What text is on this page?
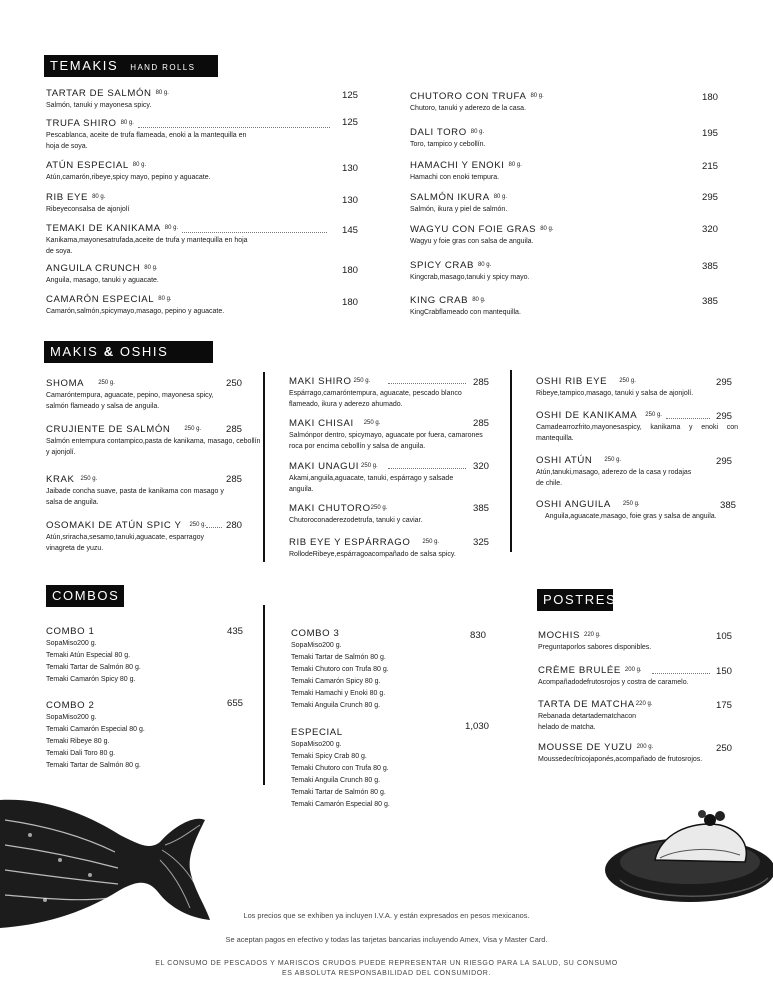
TEMAKIS HAND ROLLS
TARTAR DE SALMÓN $^{80 g.}$
Salmón, tanuki y mayonesa spicy.
125
TRUFA SHIRO $^{80 g.}$
Pescablanca, aceite de trufa flameada, enoki a la mantequilla en hoja de soya.
125
ATÚN ESPECIAL $^{80 g.}$
Atún,camarón,ribeye,spicy mayo, pepino y aguacate.
130
RIB EYE $^{80 g.}$
Ribeyeconsalsa de ajonjolí
130
TEMAKI DE KANIKAMA $^{80 g.}$
Kanikama,mayonesatrufada,aceite de trufa y mantequilla en hoja de soya.
145
ANGUILA CRUNCH $^{80 g.}$
Anguila, masago, tanuki y aguacate.
180
CAMARÓN ESPECIAL $^{80 g.}$
Camarón,salmón,spicymayo,masago, pepino y aguacate.
180
CHUTORO CON TRUFA $^{80 g.}$
Chutoro, tanuki y aderezo de la casa.
180
DALI TORO $^{80 g.}$
Toro, tampico y cebollín.
195
HAMACHI Y ENOKI $^{80 g.}$
Hamachi con enoki tempura.
215
SALMÓN IKURA $^{80 g.}$
Salmón, ikura y piel de salmón.
295
WAGYU CON FOIE GRAS $^{80 g.}$
Wagyu y foie gras con salsa de anguila.
320
SPICY CRAB $^{80 g.}$
Kingcrab,masago,tanuki y spicy mayo.
385
KING CRAB $^{80 g.}$
KingCrabflameado con mantequilla.
385
MAKIS & OSHIS
SHOMA $^{250 g.}$
Camaróntempura, aguacate, pepino, mayonesa spicy, salmón flameado y salsa de anguila.
250
CRUJIENTE DE SALMÓN $^{250 g.}$
Salmón entempura contampico,pasta de kanikama, masago, cebollín y ajonjolí.
285
KRAK $^{250 g.}$
Jaibade concha suave, pasta de kanikama con masago y salsa de anguila.
285
OSOMAKI DE ATÚN SPIC Y $^{250 g.}$
Atún,sriracha,sesamo,tanuki,aguacate, esparragoy vinagreta de yuzu.
280
MAKI SHIRO $^{250 g.}$
Espárrago,camaróntempura, aguacate, pescado blanco flameado, ikura y aderezo ahumado.
285
MAKI CHISAI $^{250 g.}$
Salmónpor dentro, spicymayo, aguacate por fuera, camarones roca por encima cebollín y salsa de anguila.
285
MAKI UNAGUI $^{250 g.}$
Akami,anguila,aguacate, tanuki, espárrago y salsade anguila.
320
MAKI $CHUTORO^{250 g.}$
Chutoroconaderezodetrufa, tanuki y caviar.
385
RIB EYE Y ESPÁRRAGO $^{250 g.}$
RollodeRibeye,espárragoacompañado de salsa spicy.
325
OSHI RIB EYE $^{250 g.}$
Ribeye,tampico,masago, tanuki y salsa de ajonjolí.
295
OSHI DE KANIKAMA $^{250 g.}$
Camadearrozfrito,mayonesaspicy, kanikama y enoki con mantequilla.
295
OSHI ATÚN $^{250 g.}$
Atún,tanuki,masago, aderezo de la casa y rodajas de chile.
295
OSHI ANGUILA $^{250 g.}$
Anguila,aguacate,masago, foie gras y salsa de anguila.
385
COMBOS
COMBO 1
SopaMiso200 g.
Temaki Atún Especial 80 g.
Temaki Tartar de Salmón 80 g.
Temaki Camarón Spicy 80 g.
435
COMBO 2
SopaMiso200 g.
Temaki Camarón Especial 80 g.
Temaki Ribeye 80 g.
Temaki Dali Toro 80 g.
Temaki Tartar de Salmón 80 g.
655
COMBO 3
SopaMiso200 g.
Temaki Tartar de Salmón 80 g.
Temaki Chutoro con Trufa 80 g.
Temaki Camarón Spicy 80 g.
Temaki Hamachi y Enoki 80 g.
Temaki Anguila Crunch 80 g.
830
ESPECIAL
SopaMiso200 g.
Temaki Spicy Crab 80 g.
Temaki Chutoro con Trufa 80 g.
Temaki Anguila Crunch 80 g.
Temaki Tartar de Salmón 80 g.
Temaki Camarón Especial 80 g.
1,030
POSTRES
MOCHIS $^{220 g.}$
Preguntaporlos sabores disponibles.
105
CRÈME BRULÉE $^{200 g.}$
Acompañadodefrutosrojos y costra de caramelo.
150
TARTA DE $MATCHA^{220 g.}$
Rebanada detartadematchacon helado de matcha.
175
MOUSSE DE YUZU $^{200 g.}$
Moussedecítricojaponés,acompañado de frutosrojos.
250
Los precios que se exhiben ya incluyen I.V.A. y están expresados en pesos mexicanos.
Se aceptan pagos en efectivo y todas las tarjetas bancarias incluyendo Amex, Visa y Master Card.
EL CONSUMO DE PESCADOS Y MARISCOS CRUDOS PUEDE REPRESENTAR UN RIESGO PARA LA SALUD, SU CONSUMO
ES ABSOLUTA RESPONSABILIDAD DEL CONSUMIDOR.
